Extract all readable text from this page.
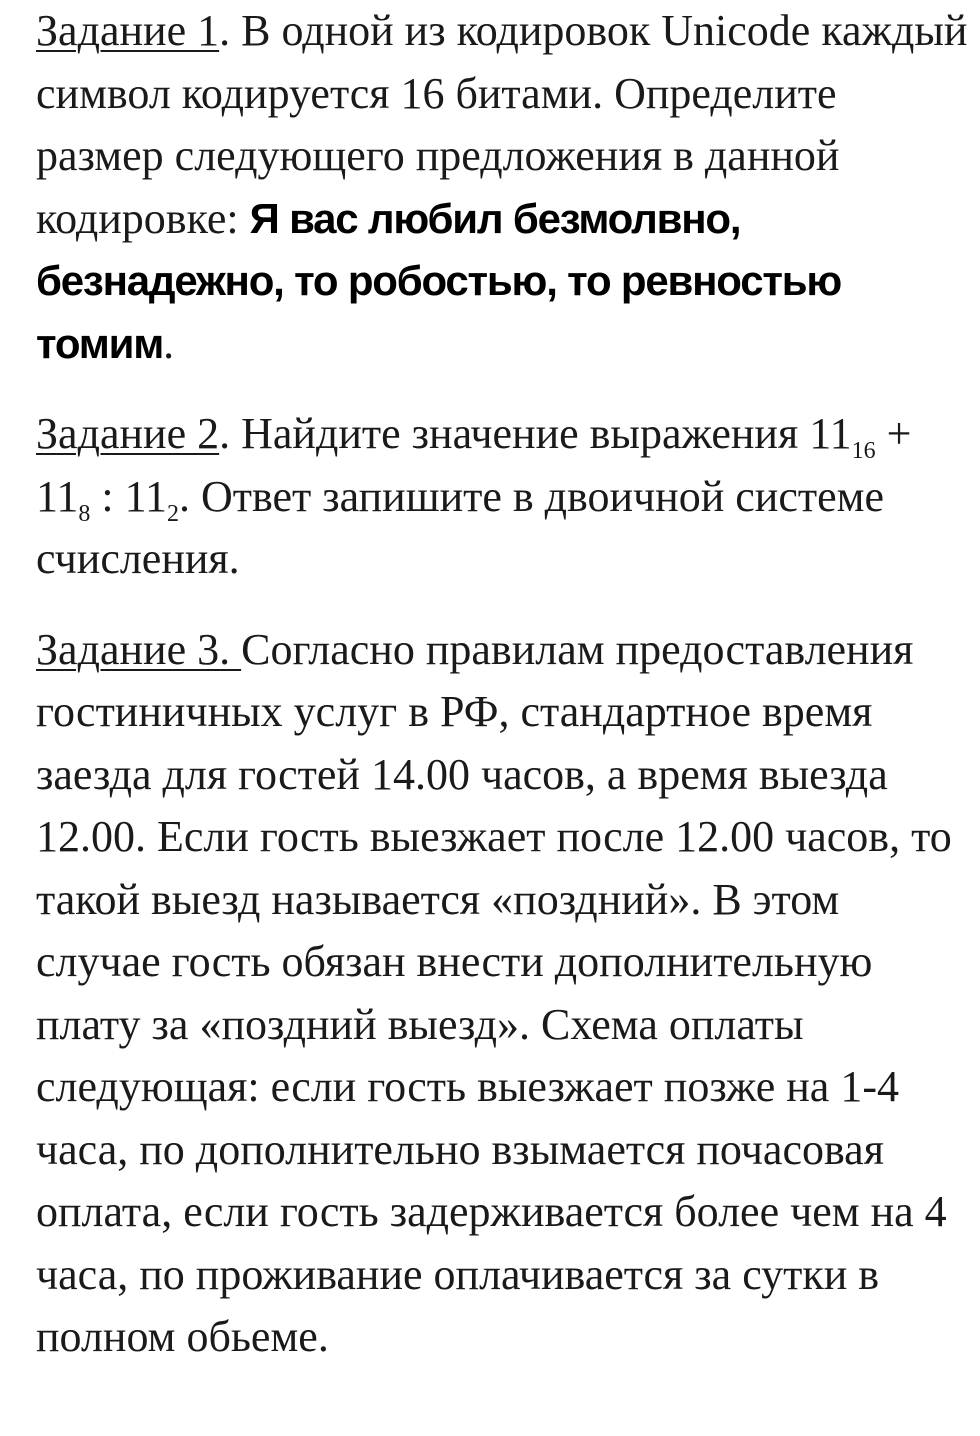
Задание 1. В одной из кодировок Unicode каждый символ кодируется 16 битами. Определите размер следующего предложения в данной кодировке: Я вас любил безмолвно, безнадежно, то робостью, то ревностью томим.

Задание 2. Найдите значение выражения $11_{16} + 11_8$ : $11_2$. Ответ запишите в двоичной системе счисления.

Задание 3. Согласно правилам предоставления гостиничных услуг в РФ, стандартное время заезда для гостей 14.00 часов, а время выезда 12.00. Если гость выезжает после 12.00 часов, то такой выезд называется «поздний». В этом случае гость обязан внести дополнительную плату за «поздний выезд». Схема оплаты следующая: если гость выезжает позже на 1-4 часа, по дополнительно взымается почасовая оплата, если гость задерживается более чем на 4 часа, по проживание оплачивается за сутки в полном обьеме.
